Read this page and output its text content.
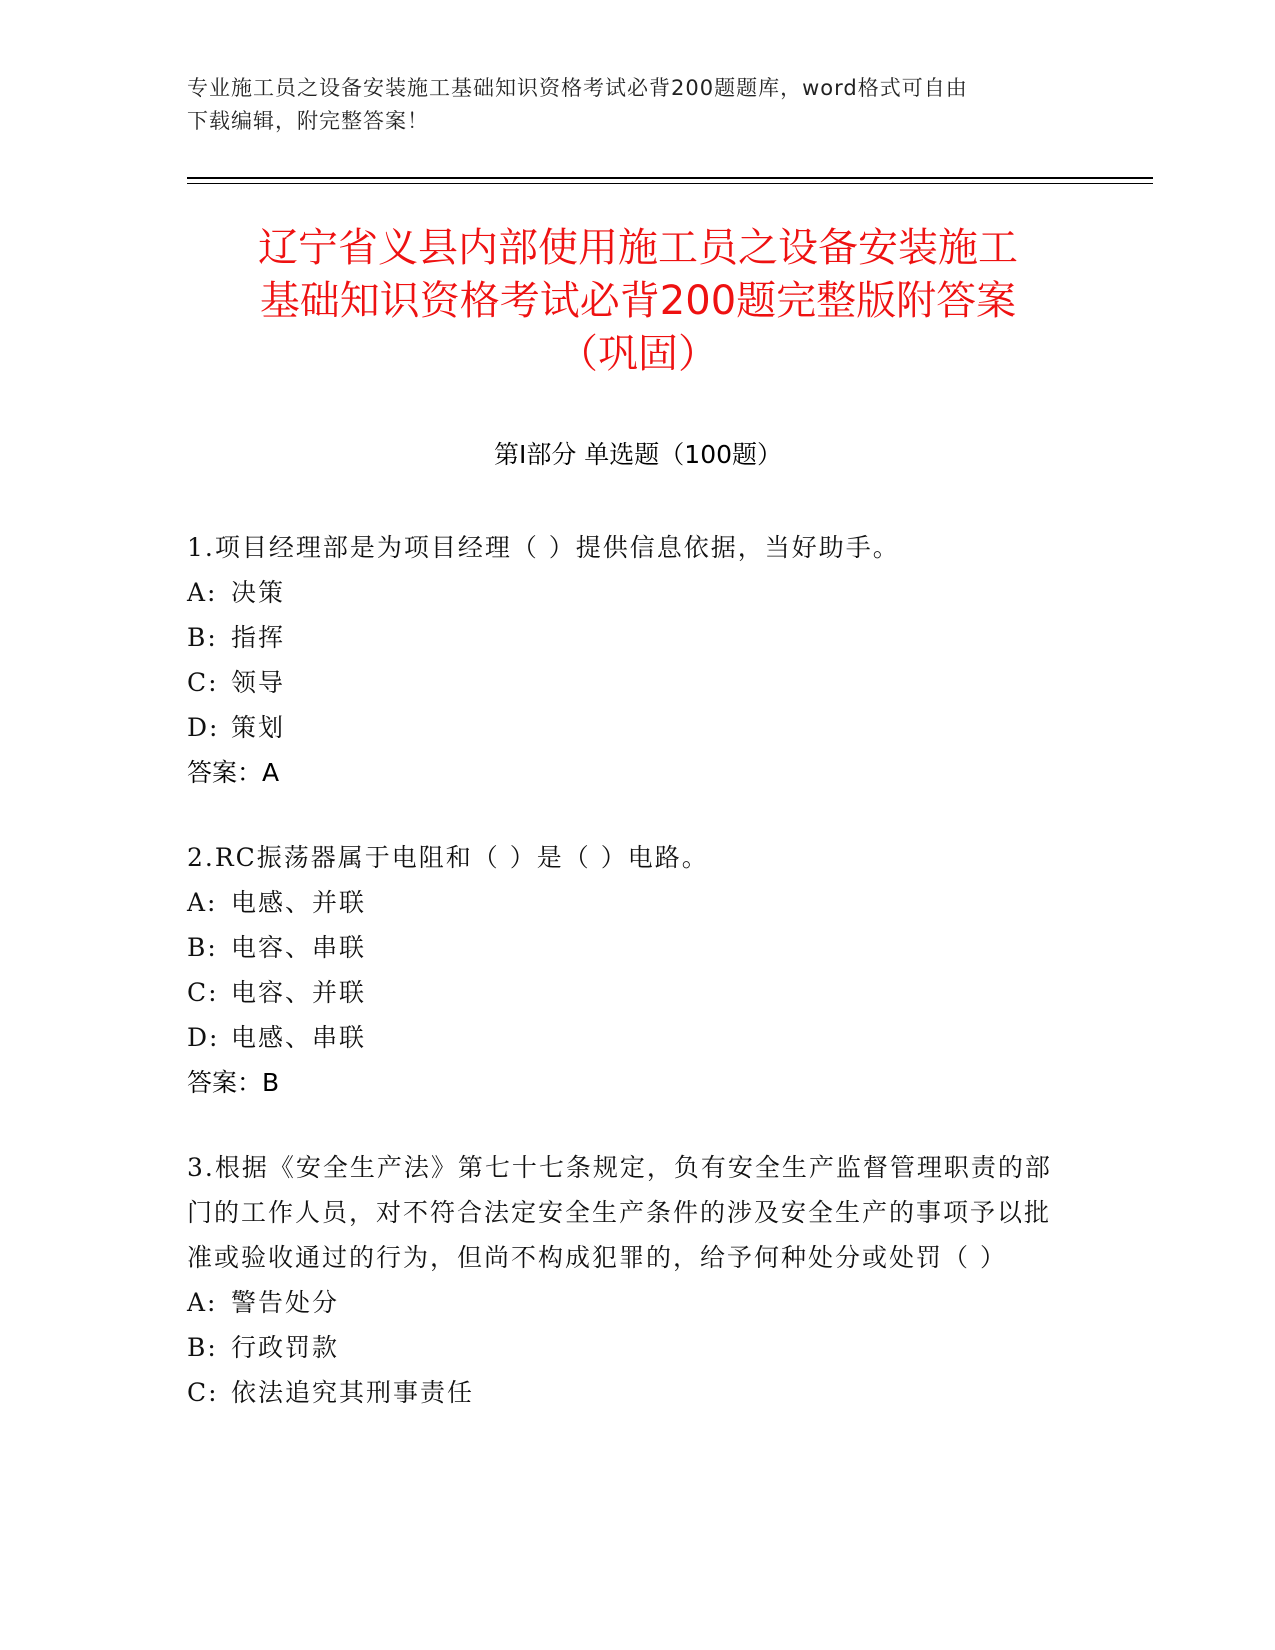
专业施工员之设备安装施工基础知识资格考试必背200题题库，word格式可自由
下载编辑，附完整答案！
辽宁省义县内部使用施工员之设备安装施工
基础知识资格考试必背200题完整版附答案
（巩固）
第Ⅰ部分 单选题（100题）

1.项目经理部是为项目经理（ ）提供信息依据，当好助手。

A: 决策

B: 指挥

C: 领导

D: 策划

答案：A

2.RC振荡器属于电阻和（ ）是（ ）电路。

A: 电感、并联

B: 电容、串联

C: 电容、并联

D: 电感、串联

答案：B

3.根据《安全生产法》第七十七条规定，负有安全生产监督管理职责的部门的工作人员，对不符合法定安全生产条件的涉及安全生产的事项予以批准或验收通过的行为，但尚不构成犯罪的，给予何种处分或处罚（ ）

A: 警告处分

B: 行政罚款

C: 依法追究其刑事责任
